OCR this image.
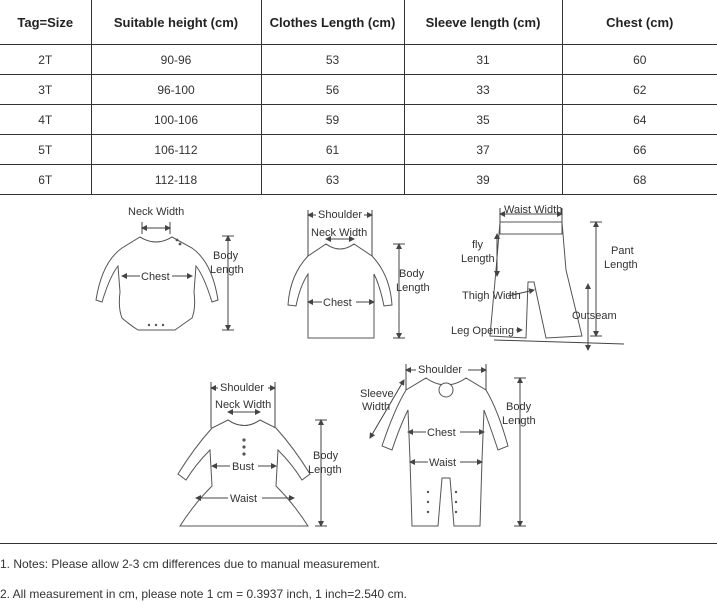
Tag=Size	Suitable height (cm)	Clothes Length (cm)	Sleeve length (cm)	Chest (cm)
2T	90-96	53	31	60
3T	96-100	56	33	62
4T	100-106	59	35	64
5T	106-112	61	37	66
6T	112-118	63	39	68
Neck Width
Body
Length
Chest
Shoulder
Neck Width
Body
Length
Chest
Waist Width
fly
Length
Pant
Length
Thigh Width
Outseam
Leg Opening
Shoulder
Neck Width
Body
Length
Bust
Waist
Shoulder
Sleeve
Width	Body
Length
Chest
Waist
1. Notes: Please allow 2-3 cm differences due to manual measurement.
2. All measurement in cm, please note 1 cm = 0.3937 inch, 1 inch=2.540 cm.
